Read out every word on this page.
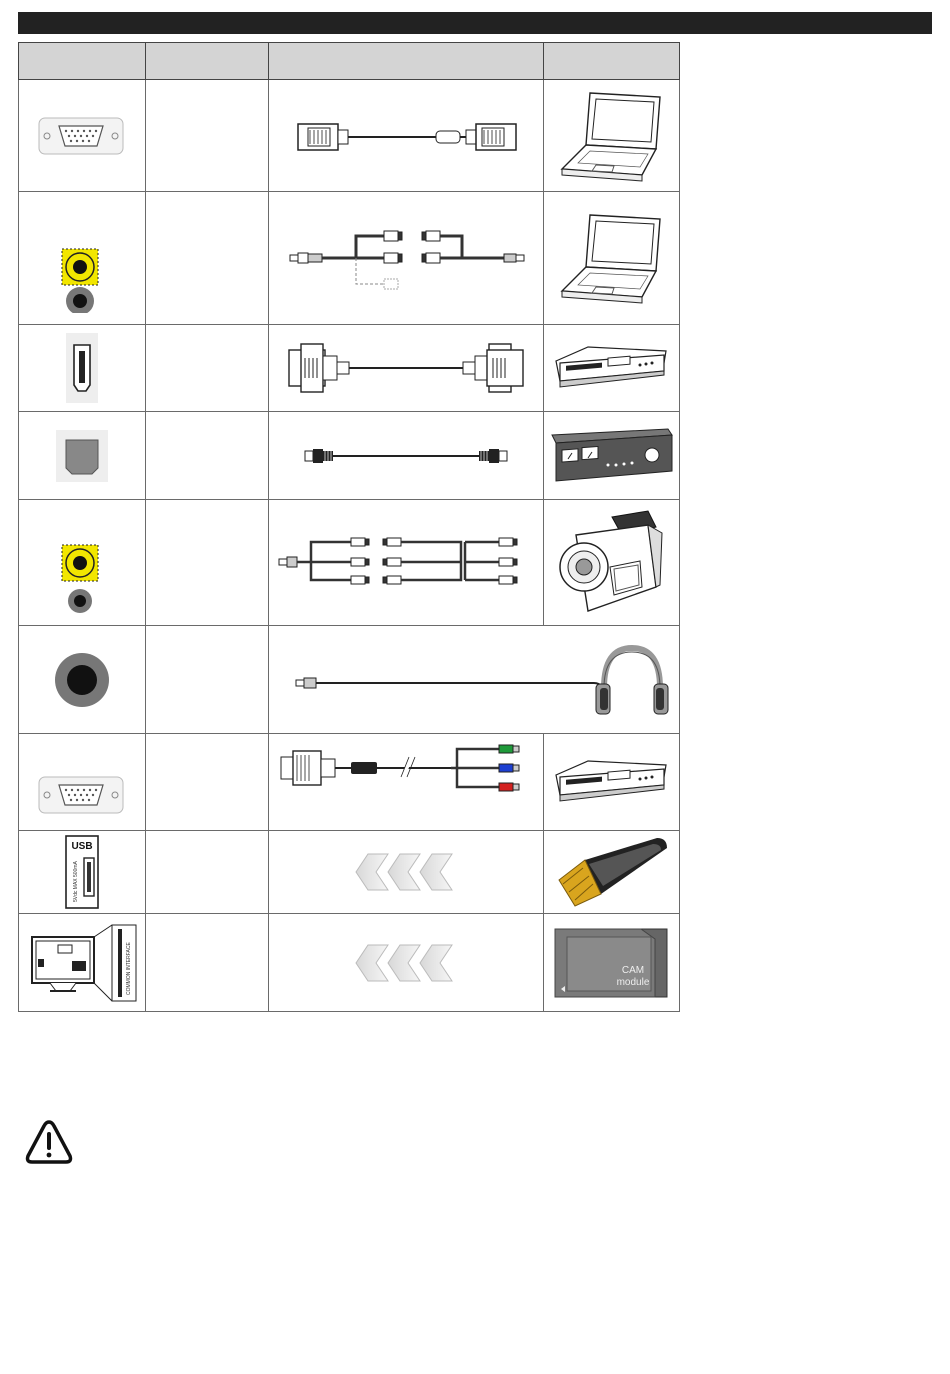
USB
5Vdc MAX 500mA

COMMON INTERFACE			CAM
module
